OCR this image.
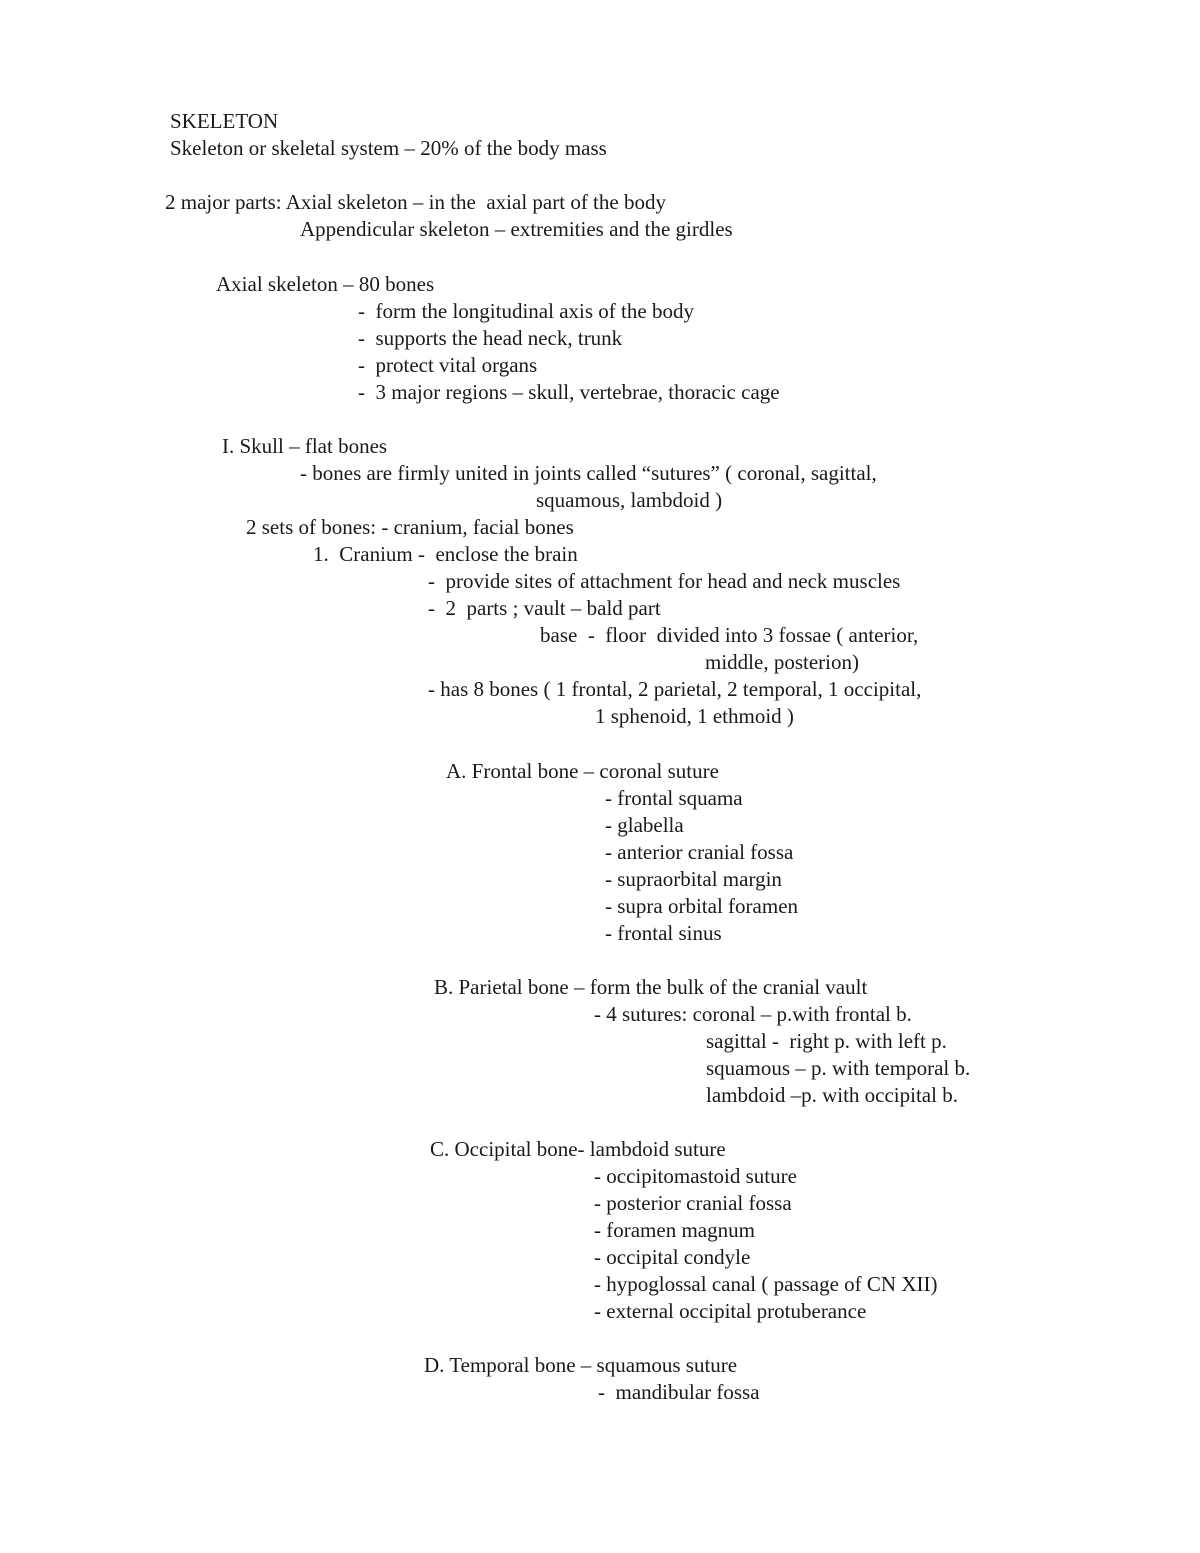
SKELETON

Skeleton or skeletal system – 20% of the body mass

2 major parts: Axial skeleton – in the  axial part of the body

Appendicular skeleton – extremities and the girdles

Axial skeleton – 80 bones

-  form the longitudinal axis of the body

-  supports the head neck, trunk

-  protect vital organs

-  3 major regions – skull, vertebrae, thoracic cage

I. Skull – flat bones

- bones are firmly united in joints called “sutures” ( coronal, sagittal,

squamous, lambdoid )

2 sets of bones: - cranium, facial bones

1.  Cranium -  enclose the brain

-  provide sites of attachment for head and neck muscles

-  2  parts ; vault – bald part

base  -  floor  divided into 3 fossae ( anterior,

middle, posterion)

- has 8 bones ( 1 frontal, 2 parietal, 2 temporal, 1 occipital,

1 sphenoid, 1 ethmoid )

A. Frontal bone – coronal suture

- frontal squama

- glabella

- anterior cranial fossa

- supraorbital margin

- supra orbital foramen

- frontal sinus

B. Parietal bone – form the bulk of the cranial vault

- 4 sutures: coronal – p.with frontal b.

sagittal -  right p. with left p.

squamous – p. with temporal b.

lambdoid –p. with occipital b.

C. Occipital bone- lambdoid suture

- occipitomastoid suture

- posterior cranial fossa

- foramen magnum

- occipital condyle

- hypoglossal canal ( passage of CN XII)

- external occipital protuberance

D. Temporal bone – squamous suture

-  mandibular fossa
